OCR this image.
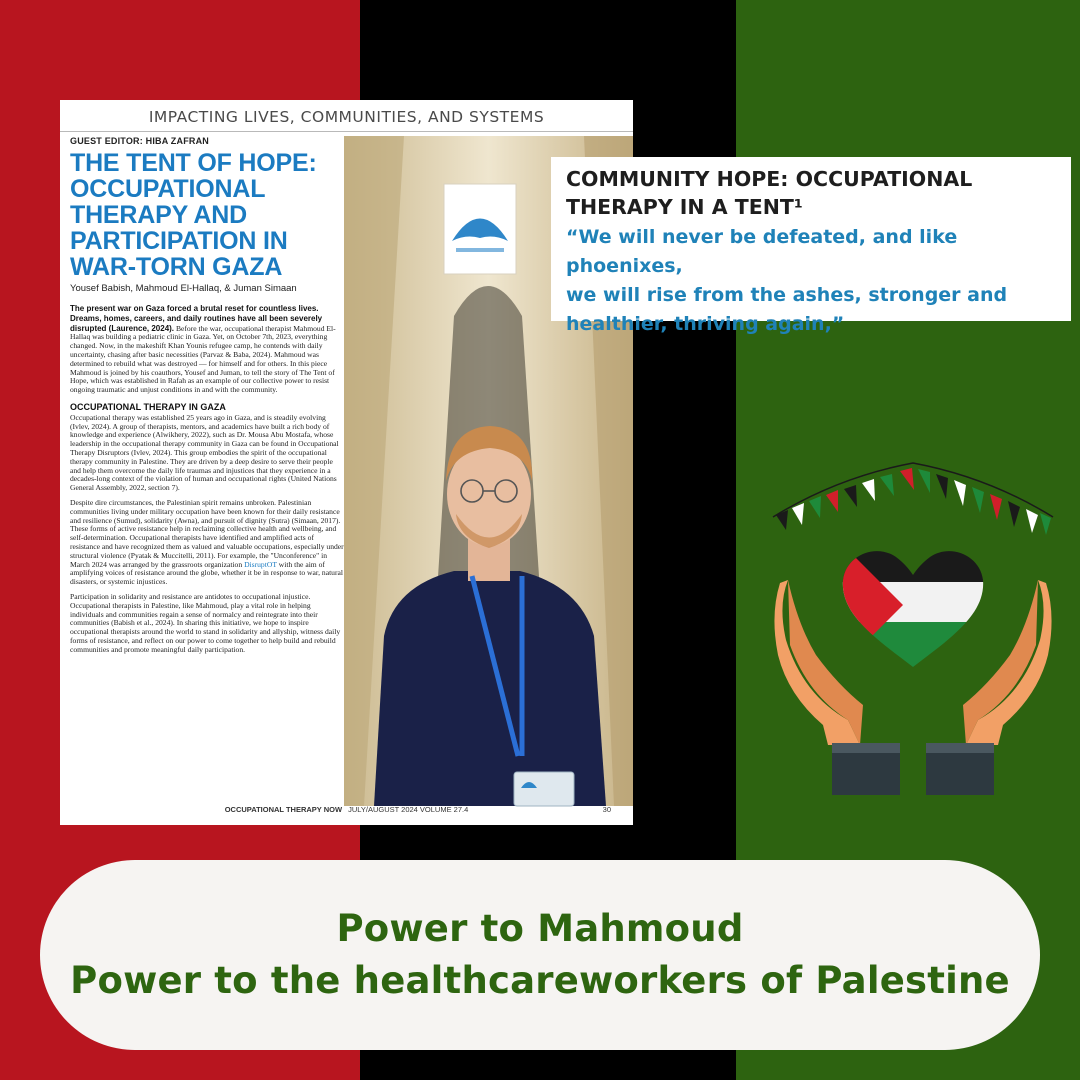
IMPACTING LIVES, COMMUNITIES, AND SYSTEMS
GUEST EDITOR: HIBA ZAFRAN
THE TENT OF HOPE:
OCCUPATIONAL
THERAPY AND
PARTICIPATION IN
WAR-TORN GAZA
Yousef Babish, Mahmoud El-Hallaq, & Juman Simaan

The present war on Gaza forced a brutal reset for countless lives. Dreams, homes, careers, and daily routines have all been severely disrupted (Laurence, 2024). Before the war, occupational therapist Mahmoud El-Hallaq was building a pediatric clinic in Gaza. Yet, on October 7th, 2023, everything changed. Now, in the makeshift Khan Younis refugee camp, he contends with daily uncertainty, chasing after basic necessities (Parvaz & Baba, 2024). Mahmoud was determined to rebuild what was destroyed — for himself and for others. In this piece Mahmoud is joined by his coauthors, Yousef and Juman, to tell the story of The Tent of Hope, which was established in Rafah as an example of our collective power to resist ongoing traumatic and unjust conditions in and with the community.

OCCUPATIONAL THERAPY IN GAZA

Occupational therapy was established 25 years ago in Gaza, and is steadily evolving (Ivlev, 2024). A group of therapists, mentors, and academics have built a rich body of knowledge and experience (Alwikhery, 2022), such as Dr. Mousa Abu Mostafa, whose leadership in the occupational therapy community in Gaza can be found in Occupational Therapy Disruptors (Ivlev, 2024). This group embodies the spirit of the occupational therapy community in Palestine. They are driven by a deep desire to serve their people and help them overcome the daily life traumas and injustices that they experience in a decades-long context of the violation of human and occupational rights (United Nations General Assembly, 2022, section 7).

Despite dire circumstances, the Palestinian spirit remains unbroken. Palestinian communities living under military occupation have been known for their daily resistance and resilience (Sumud), solidarity (Awna), and pursuit of dignity (Sutra) (Simaan, 2017). These forms of active resistance help in reclaiming collective health and wellbeing, and self-determination. Occupational therapists have identified and amplified acts of resistance and have recognized them as valued and valuable occupations, especially under structural violence (Pyatak & Muccitelli, 2011). For example, the "Unconference" in March 2024 was arranged by the grassroots organization DisruptOT with the aim of amplifying voices of resistance around the globe, whether it be in response to war, natural disasters, or systemic injustices.

Participation in solidarity and resistance are antidotes to occupational injustice. Occupational therapists in Palestine, like Mahmoud, play a vital role in helping individuals and communities regain a sense of normalcy and reintegrate into their communities (Babish et al., 2024). In sharing this initiative, we hope to inspire occupational therapists around the world to stand in solidarity and allyship, witness daily forms of resistance, and reflect on our power to come together to help build and rebuild communities and promote meaningful daily participation.

OCCUPATIONAL THERAPY NOW JULY/AUGUST 2024 VOLUME 27.4	30
COMMUNITY HOPE: OCCUPATIONAL
THERAPY IN A TENT¹
“We will never be defeated, and like phoenixes,
we will rise from the ashes, stronger and
healthier, thriving again,”
Power to Mahmoud
Power to the healthcareworkers of Palestine
